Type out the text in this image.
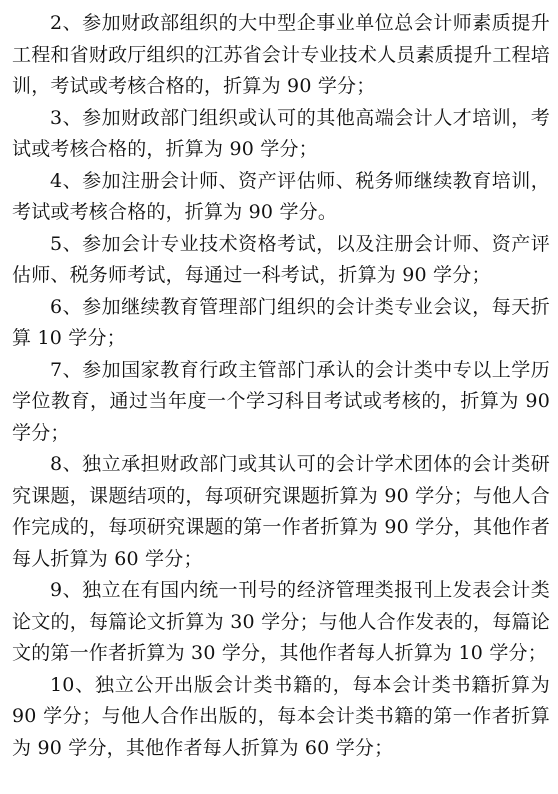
2、参加财政部组织的大中型企事业单位总会计师素质提升工程和省财政厅组织的江苏省会计专业技术人员素质提升工程培训，考试或考核合格的，折算为 90 学分；

3、参加财政部门组织或认可的其他高端会计人才培训，考试或考核合格的，折算为 90 学分；

4、参加注册会计师、资产评估师、税务师继续教育培训，考试或考核合格的，折算为 90 学分。

5、参加会计专业技术资格考试，以及注册会计师、资产评估师、税务师考试，每通过一科考试，折算为 90 学分；

6、参加继续教育管理部门组织的会计类专业会议，每天折算 10 学分；

7、参加国家教育行政主管部门承认的会计类中专以上学历学位教育，通过当年度一个学习科目考试或考核的，折算为 90 学分；

8、独立承担财政部门或其认可的会计学术团体的会计类研究课题，课题结项的，每项研究课题折算为 90 学分；与他人合作完成的，每项研究课题的第一作者折算为 90 学分，其他作者每人折算为 60 学分；

9、独立在有国内统一刊号的经济管理类报刊上发表会计类论文的，每篇论文折算为 30 学分；与他人合作发表的，每篇论文的第一作者折算为 30 学分，其他作者每人折算为 10 学分；

10、独立公开出版会计类书籍的，每本会计类书籍折算为 90 学分；与他人合作出版的，每本会计类书籍的第一作者折算为 90 学分，其他作者每人折算为 60 学分；
